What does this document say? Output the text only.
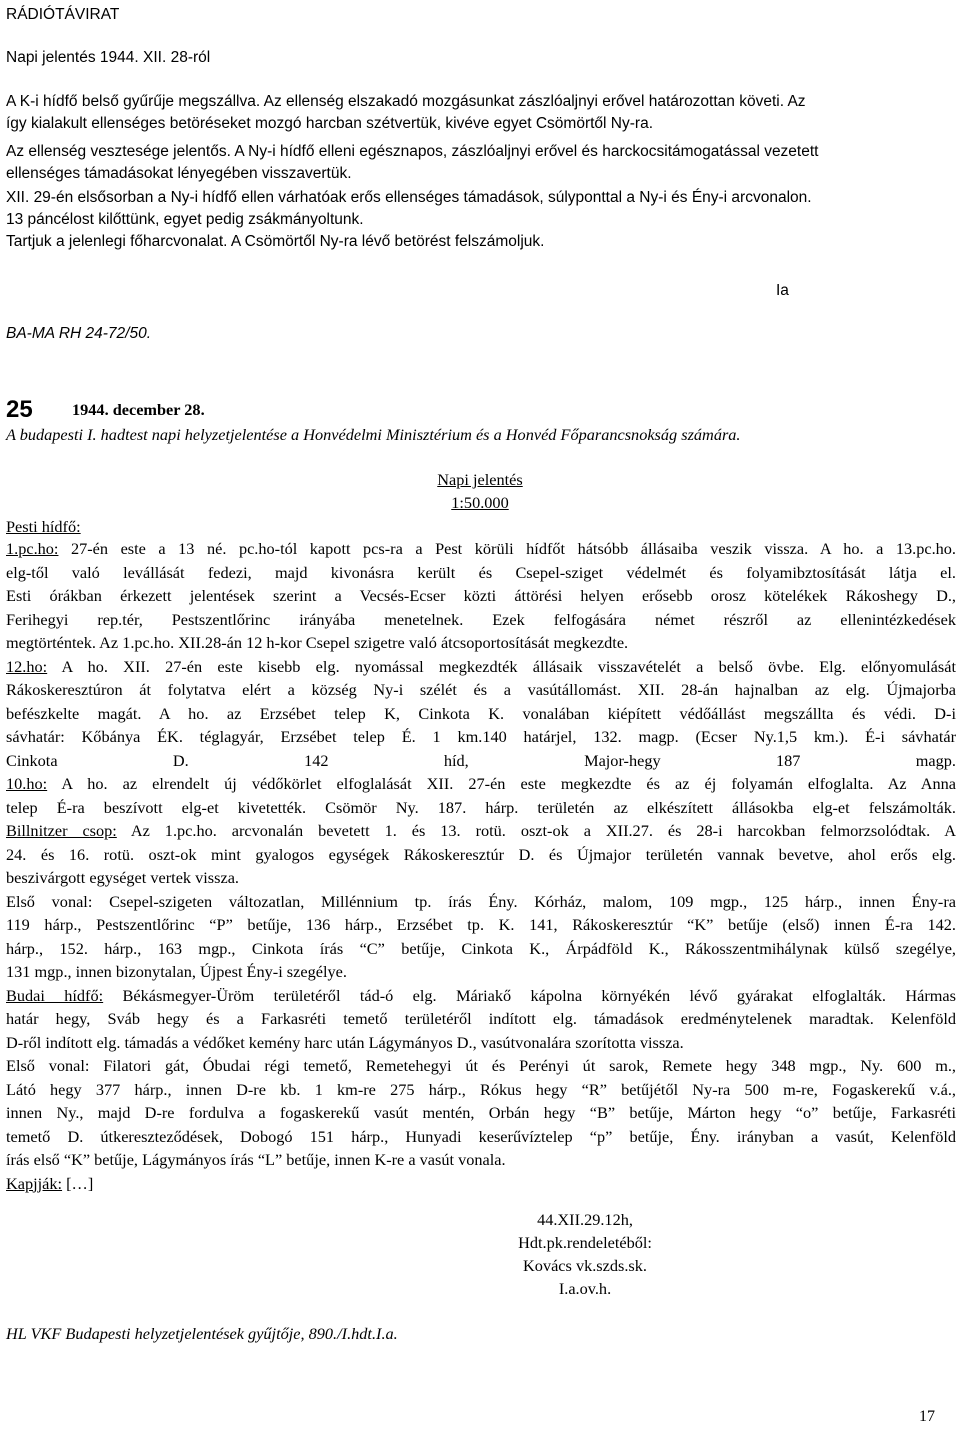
RÁDIÓTÁVIRAT
Napi jelentés 1944. XII. 28-ról
A K-i hídfő belső gyűrűje megszállva. Az ellenség elszakadó mozgásunkat zászlóaljnyi erővel határozottan követi. Az
így kialakult ellenséges betöréseket mozgó harcban szétvertük, kivéve egyet Csömörtől Ny-ra.
Az ellenség vesztesége jelentős. A Ny-i hídfő elleni egésznapos, zászlóaljnyi erővel és harckocsitámogatással vezetett
ellenséges támadásokat lényegében visszavertük.
XII. 29-én elsősorban a Ny-i hídfő ellen várhatóak erős ellenséges támadások, súlyponttal a Ny-i és Ény-i arcvonalon.
13 páncélost kilőttünk, egyet pedig zsákmányoltunk.
Tartjuk a jelenlegi főharcvonalat. A Csömörtől Ny-ra lévő betörést felszámoljuk.
Ia
BA-MA RH 24-72/50.
25 1944. december 28.
A budapesti I. hadtest napi helyzetjelentése a Honvédelmi Minisztérium és a Honvéd Főparancsnokság számára.
Napi jelentés
1:50.000
Pesti hídfő:
1.pc.ho: 27-én este a 13 né. pc.ho-tól kapott pcs-ra a Pest körüli hídfőt hátsóbb állásaiba veszik vissza. A ho. a 13.pc.ho.
elg-től való levállását fedezi, majd kivonásra került és Csepel-sziget védelmét és folyamibztosítását látja el.
Esti órákban érkezett jelentések szerint a Vecsés-Ecser közti áttörési helyen erősebb orosz kötelékek Rákoshegy D.,
Ferihegyi rep.tér, Pestszentlőrinc irányába menetelnek. Ezek felfogására német részről az ellenintézkedések
megtörténtek. Az 1.pc.ho. XII.28-án 12 h-kor Csepel szigetre való átcsoportosítását megkezdte.
12.ho: A ho. XII. 27-én este kisebb elg. nyomással megkezdték állásaik visszavételét a belső övbe. Elg. előnyomulását
Rákoskeresztúron át folytatva elért a község Ny-i szélét és a vasútállomást. XII. 28-án hajnalban az elg. Újmajorba
befészkelte magát. A ho. az Erzsébet telep K, Cinkota K. vonalában kiépített védőállást megszállta és védi. D-i
sávhatár: Kőbánya ÉK. téglagyár, Erzsébet telep É. 1 km.140 határjel, 132. magp. (Ecser Ny.1,5 km.). É-i sávhatár
Cinkota D. 142 híd, Major-hegy 187 magp.
10.ho: A ho. az elrendelt új védőkörlet elfoglalását XII. 27-én este megkezdte és az éj folyamán elfoglalta. Az Anna
telep É-ra beszívott elg-et kivetették. Csömör Ny. 187. hárp. területén az elkészített állásokba elg-et felszámolták.
Billnitzer csop: Az 1.pc.ho. arcvonalán bevetett 1. és 13. rotü. oszt-ok a XII.27. és 28-i harcokban felmorzsolódtak. A
24. és 16. rotü. oszt-ok mint gyalogos egységek Rákoskeresztúr D. és Újmajor területén vannak bevetve, ahol erős elg.
beszivárgott egységet vertek vissza.
Első vonal: Csepel-szigeten változatlan, Millénnium tp. írás Ény. Kórház, malom, 109 mgp., 125 hárp., innen Ény-ra
119 hárp., Pestszentlőrinc “P” betűje, 136 hárp., Erzsébet tp. K. 141, Rákoskeresztúr “K” betűje (első) innen É-ra 142.
hárp., 152. hárp., 163 mgp., Cinkota írás “C” betűje, Cinkota K., Árpádföld K., Rákosszentmihálynak külső szegélye,
131 mgp., innen bizonytalan, Újpest Ény-i szegélye.
Budai hídfő: Békásmegyer-Üröm területéről tád-ó elg. Máriakő kápolna környékén lévő gyárakat elfoglalták. Hármas
határ hegy, Sváb hegy és a Farkasréti temető területéről indított elg. támadások eredménytelenek maradtak. Kelenföld
D-ről indított elg. támadás a védőket kemény harc után Lágymányos D., vasútvonalára szorította vissza.
Első vonal: Filatori gát, Óbudai régi temető, Remetehegyi út és Perényi út sarok, Remete hegy 348 mgp., Ny. 600 m.,
Látó hegy 377 hárp., innen D-re kb. 1 km-re 275 hárp., Rókus hegy “R” betűjétől Ny-ra 500 m-re, Fogaskerekű v.á.,
innen Ny., majd D-re fordulva a fogaskerekű vasút mentén, Orbán hegy “B” betűje, Márton hegy “o” betűje, Farkasréti
temető D. útkereszteződések, Dobogó 151 hárp., Hunyadi keserűvíztelep “p” betűje, Ény. irányban a vasút, Kelenföld
írás első “K” betűje, Lágymányos írás “L” betűje, innen K-re a vasút vonala.
Kapjják: […]
44.XII.29.12h,
Hdt.pk.rendeletéből:
Kovács vk.szds.sk.
I.a.ov.h.
HL VKF Budapesti helyzetjelentések gyűjtője, 890./I.hdt.I.a.
17
